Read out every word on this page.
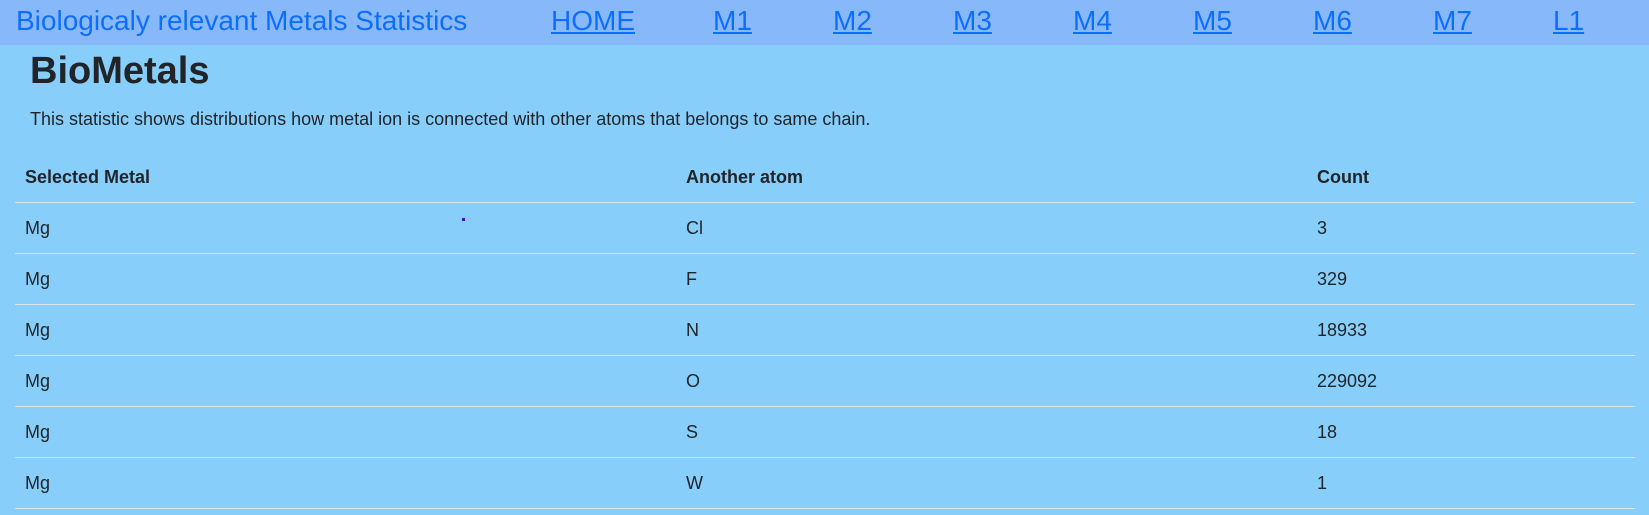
Biologicaly relevant Metals Statistics	HOME	M1	M2	M3	M4	M5	M6	M7	L1
BioMetals

This statistic shows distributions how metal ion is connected with other atoms that belongs to same chain.

Selected Metal	Another atom	Count
Mg	Cl	3
Mg	F	329
Mg	N	18933
Mg	O	229092
Mg	S	18
Mg	W	1
